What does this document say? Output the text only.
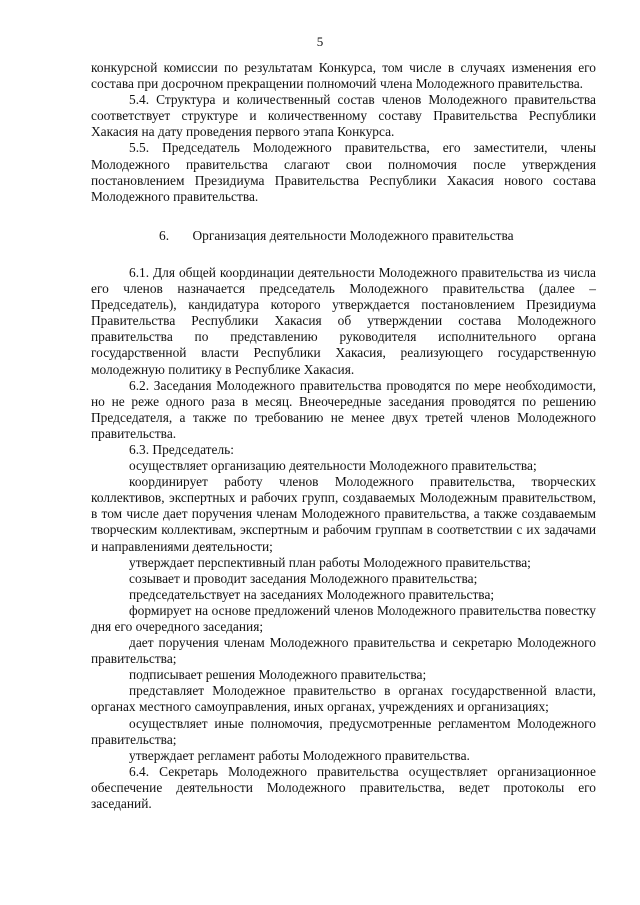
5
конкурсной комиссии по результатам Конкурса, том числе в случаях изменения его состава при досрочном прекращении полномочий члена Молодежного правительства.
5.4. Структура и количественный состав членов Молодежного правительства соответствует структуре и количественному составу Правительства Республики Хакасия на дату проведения первого этапа Конкурса.
5.5. Председатель Молодежного правительства, его заместители, члены Молодежного правительства слагают свои полномочия после утверждения постановлением Президиума Правительства Республики Хакасия нового состава Молодежного правительства.
6.       Организация деятельности Молодежного правительства
6.1. Для общей координации деятельности Молодежного правительства из числа его членов назначается председатель Молодежного правительства (далее – Председатель), кандидатура которого утверждается постановлением Президиума Правительства Республики Хакасия об утверждении состава Молодежного правительства по представлению руководителя исполнительного органа государственной власти Республики Хакасия, реализующего государственную молодежную политику в Республике Хакасия.
6.2. Заседания Молодежного правительства проводятся по мере необходимости, но не реже одного раза в месяц. Внеочередные заседания проводятся по решению Председателя, а также по требованию не менее двух третей членов Молодежного правительства.
6.3. Председатель:
осуществляет организацию деятельности Молодежного правительства;
координирует работу членов Молодежного правительства, творческих коллективов, экспертных и рабочих групп, создаваемых Молодежным правительством, в том числе дает поручения членам Молодежного правительства, а также создаваемым творческим коллективам, экспертным и рабочим группам в соответствии с их задачами и направлениями деятельности;
утверждает перспективный план работы Молодежного правительства;
созывает и проводит заседания Молодежного правительства;
председательствует на заседаниях Молодежного правительства;
формирует на основе предложений членов Молодежного правительства повестку дня его очередного заседания;
дает поручения членам Молодежного правительства и секретарю Молодежного правительства;
подписывает решения Молодежного правительства;
представляет Молодежное правительство в органах государственной власти, органах местного самоуправления, иных органах, учреждениях и организациях;
осуществляет иные полномочия, предусмотренные регламентом Молодежного правительства;
утверждает регламент работы Молодежного правительства.
6.4. Секретарь Молодежного правительства осуществляет организационное обеспечение деятельности Молодежного правительства, ведет протоколы его заседаний.
